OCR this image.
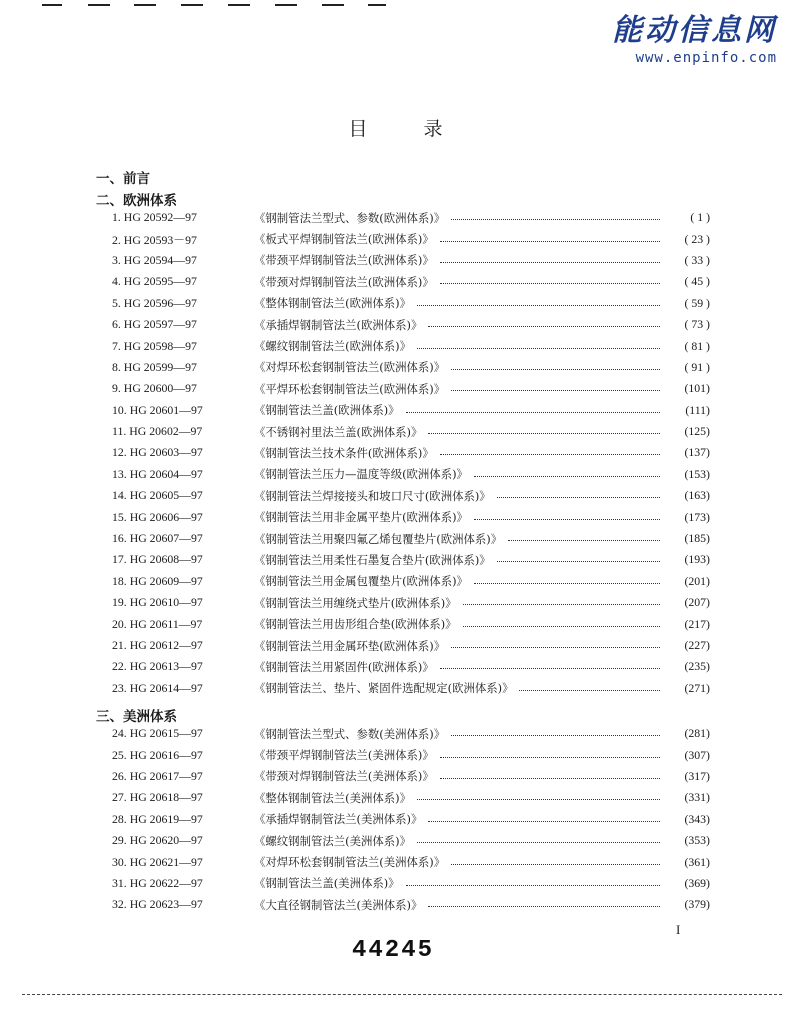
能动信息网
www.enpinfo.com
目录
一、前言
二、欧洲体系
1. HG 20592—97	《钢制管法兰型式、参数(欧洲体系)》	( 1 )
2. HG 20593－97	《板式平焊钢制管法兰(欧洲体系)》	( 23 )
3. HG 20594—97	《带颈平焊钢制管法兰(欧洲体系)》	( 33 )
4. HG 20595—97	《带颈对焊钢制管法兰(欧洲体系)》	( 45 )
5. HG 20596—97	《整体钢制管法兰(欧洲体系)》	( 59 )
6. HG 20597—97	《承插焊钢制管法兰(欧洲体系)》	( 73 )
7. HG 20598—97	《螺纹钢制管法兰(欧洲体系)》	( 81 )
8. HG 20599—97	《对焊环松套钢制管法兰(欧洲体系)》	( 91 )
9. HG 20600—97	《平焊环松套钢制管法兰(欧洲体系)》	(101)
10. HG 20601—97	《钢制管法兰盖(欧洲体系)》	(111)
11. HG 20602—97	《不锈钢衬里法兰盖(欧洲体系)》	(125)
12. HG 20603—97	《钢制管法兰技术条件(欧洲体系)》	(137)
13. HG 20604—97	《钢制管法兰压力—温度等级(欧洲体系)》	(153)
14. HG 20605—97	《钢制管法兰焊接接头和坡口尺寸(欧洲体系)》	(163)
15. HG 20606—97	《钢制管法兰用非金属平垫片(欧洲体系)》	(173)
16. HG 20607—97	《钢制管法兰用聚四氟乙烯包覆垫片(欧洲体系)》	(185)
17. HG 20608—97	《钢制管法兰用柔性石墨复合垫片(欧洲体系)》	(193)
18. HG 20609—97	《钢制管法兰用金属包覆垫片(欧洲体系)》	(201)
19. HG 20610—97	《钢制管法兰用缠绕式垫片(欧洲体系)》	(207)
20. HG 20611—97	《钢制管法兰用齿形组合垫(欧洲体系)》	(217)
21. HG 20612—97	《钢制管法兰用金属环垫(欧洲体系)》	(227)
22. HG 20613—97	《钢制管法兰用紧固件(欧洲体系)》	(235)
23. HG 20614—97	《钢制管法兰、垫片、紧固件选配规定(欧洲体系)》	(271)
三、美洲体系
24. HG 20615—97	《钢制管法兰型式、参数(美洲体系)》	(281)
25. HG 20616—97	《带颈平焊钢制管法兰(美洲体系)》	(307)
26. HG 20617—97	《带颈对焊钢制管法兰(美洲体系)》	(317)
27. HG 20618—97	《整体钢制管法兰(美洲体系)》	(331)
28. HG 20619—97	《承插焊钢制管法兰(美洲体系)》	(343)
29. HG 20620—97	《螺纹钢制管法兰(美洲体系)》	(353)
30. HG 20621—97	《对焊环松套钢制管法兰(美洲体系)》	(361)
31. HG 20622—97	《钢制管法兰盖(美洲体系)》	(369)
32. HG 20623—97	《大直径钢制管法兰(美洲体系)》	(379)
I
44245
